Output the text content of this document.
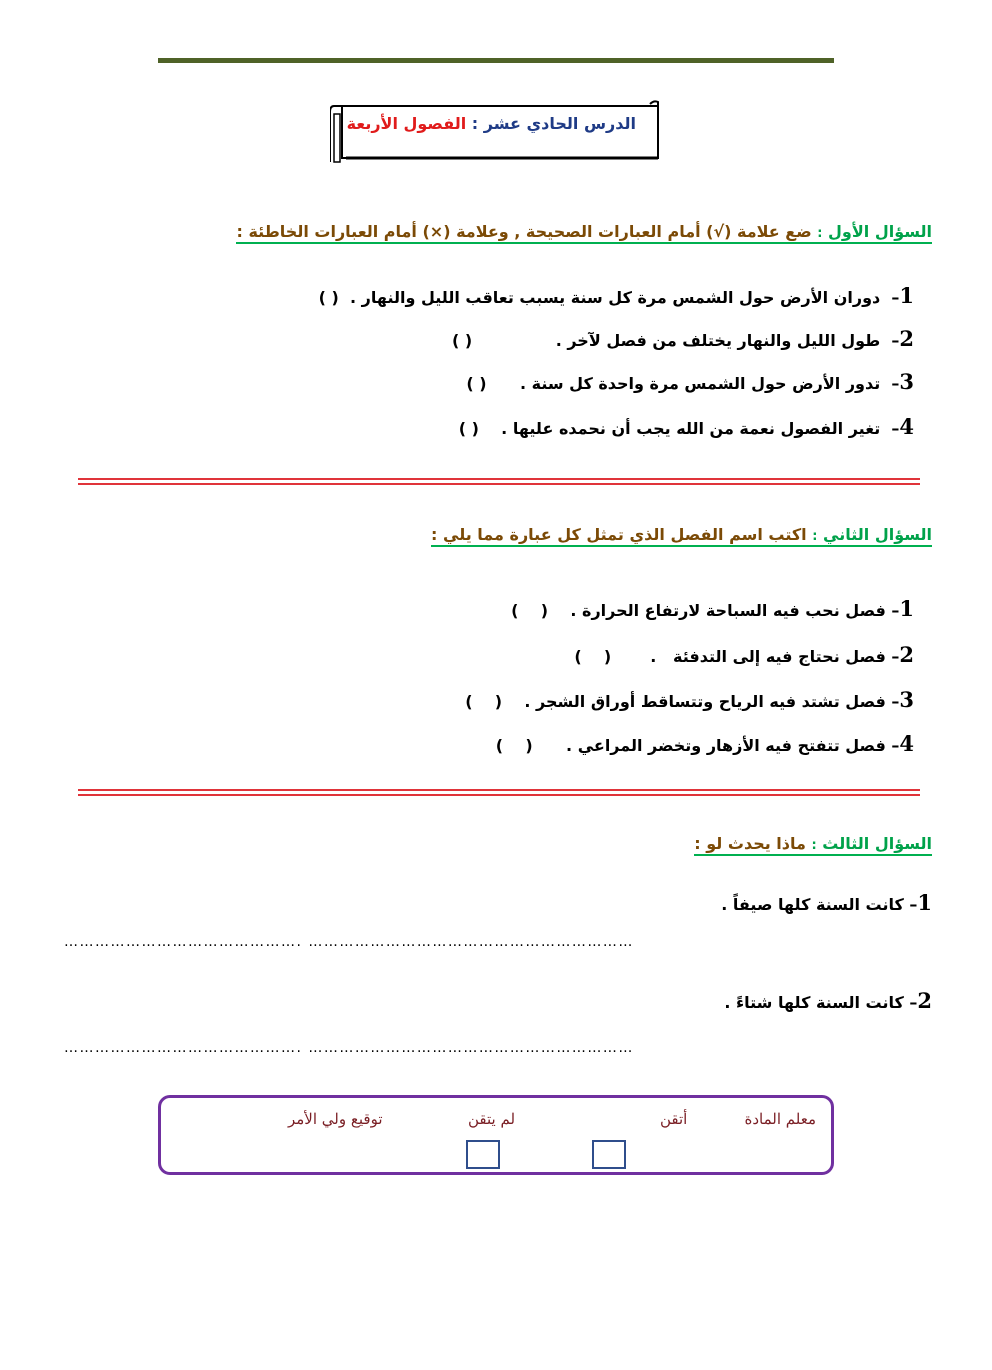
الدرس الحادي عشر : الفصول الأربعة
السؤال الأول : ضع علامة (√) أمام العبارات الصحيحة , وعلامة (×) أمام العبارات الخاطئة :
1–  دوران الأرض حول الشمس مرة كل سنة يسبب تعاقب الليل والنهار .  ( )
2–  طول الليل والنهار يختلف من فصل لآخر .               ( )
3–  تدور الأرض حول الشمس مرة واحدة كل سنة .      ( )
4–  تغير الفصول نعمة من الله يجب أن نحمده عليها .    ( )
السؤال الثاني : اكتب اسم الفصل الذي تمثل كل عبارة مما يلي :
1– فصل نحب فيه السباحة لارتفاع الحرارة .    (    )
2– فصل نحتاج فيه إلى التدفئة   .       (    )
3– فصل تشتد فيه الرياح وتتساقط أوراق الشجر .    (    )
4– فصل تتفتح فيه الأزهار وتخضر المراعي .      (    )
السؤال الثالث : ماذا يحدث لو :
1– كانت السنة كلها صيفاً .
………………………………………. ………………………………………………………
2– كانت السنة كلها شتاءً .
………………………………………. ………………………………………………………
معلم المادة
أتقن
لم يتقن
توقيع ولي الأمر
